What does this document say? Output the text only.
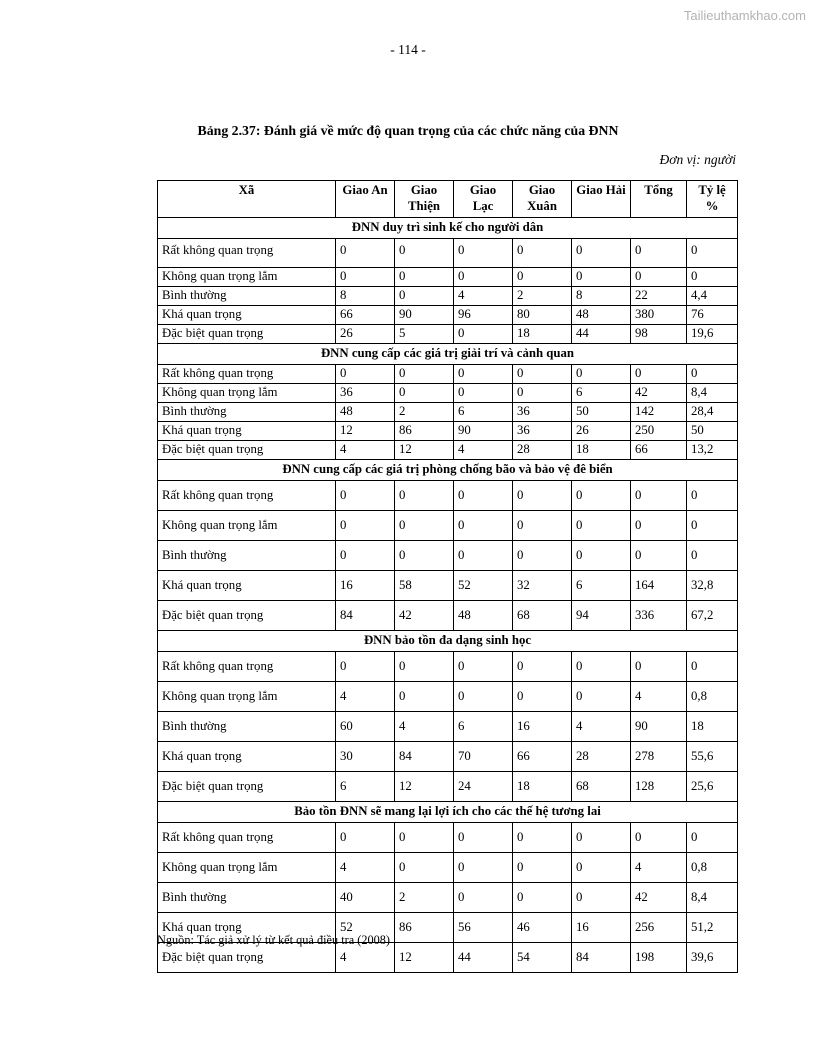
Tailieuthamkhao.com
- 114 -
Bảng 2.37: Đánh giá về mức độ quan trọng của các chức năng của ĐNN
Đơn vị: người
Xã	Giao An	Giao Thiện	Giao Lạc	Giao Xuân	Giao Hải	Tổng	Tỷ lệ %
ĐNN duy trì sinh kế cho người dân							
Rất không quan trọng	0	0	0	0	0	0	0
Không quan trọng lắm	0	0	0	0	0	0	0
Bình thường	8	0	4	2	8	22	4,4
Khá quan trọng	66	90	96	80	48	380	76
Đặc biệt quan trọng	26	5	0	18	44	98	19,6
ĐNN cung cấp các giá trị giải trí và cảnh quan							
Rất không quan trọng	0	0	0	0	0	0	0
Không quan trọng lắm	36	0	0	0	6	42	8,4
Bình thường	48	2	6	36	50	142	28,4
Khá quan trọng	12	86	90	36	26	250	50
Đặc biệt quan trọng	4	12	4	28	18	66	13,2
ĐNN cung cấp các giá trị phòng chống bão và bảo vệ đê biển							
Rất không quan trọng	0	0	0	0	0	0	0
Không quan trọng lắm	0	0	0	0	0	0	0
Bình thường	0	0	0	0	0	0	0
Khá quan trọng	16	58	52	32	6	164	32,8
Đặc biệt quan trọng	84	42	48	68	94	336	67,2
ĐNN bảo tồn đa dạng sinh học							
Rất không quan trọng	0	0	0	0	0	0	0
Không quan trọng lắm	4	0	0	0	0	4	0,8
Bình thường	60	4	6	16	4	90	18
Khá quan trọng	30	84	70	66	28	278	55,6
Đặc biệt quan trọng	6	12	24	18	68	128	25,6
Bảo tồn ĐNN sẽ mang lại lợi ích cho các thế hệ tương lai							
Rất không quan trọng	0	0	0	0	0	0	0
Không quan trọng lắm	4	0	0	0	0	4	0,8
Bình thường	40	2	0	0	0	42	8,4
Khá quan trọng	52	86	56	46	16	256	51,2
Đặc biệt quan trọng	4	12	44	54	84	198	39,6
Nguồn: Tác giả xử lý từ kết quả điều tra (2008)
